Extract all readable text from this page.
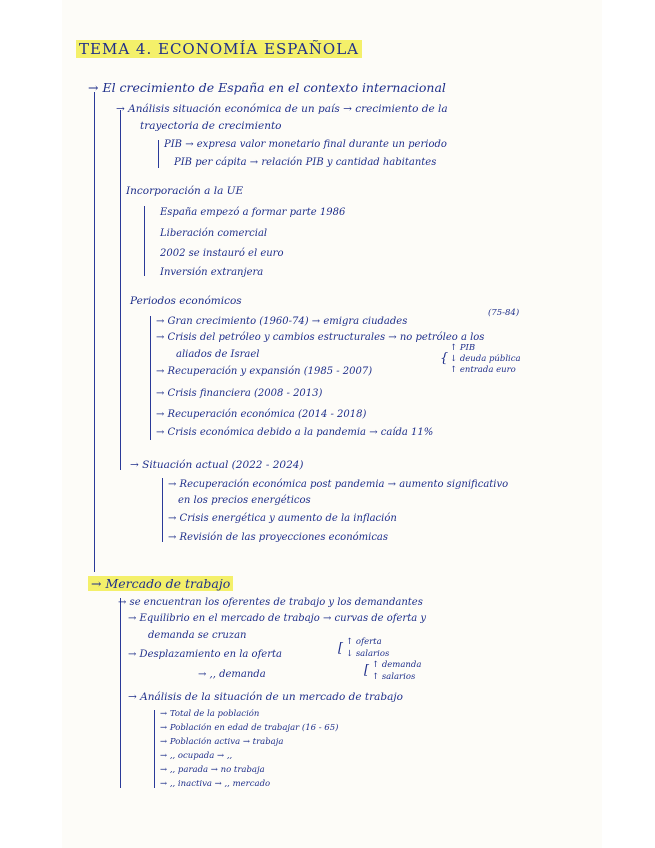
TEMA 4. ECONOMÍA ESPAÑOLA
→ El crecimiento de España en el contexto internacional
→ Análisis situación económica de un país → crecimiento de la
trayectoria de crecimiento
PIB → expresa valor monetario final durante un periodo
PIB per cápita → relación PIB y cantidad habitantes
Incorporación a la UE
España empezó a formar parte 1986
Liberación comercial
2002 se instauró el euro
Inversión extranjera
Periodos económicos
→ Gran crecimiento (1960-74) → emigra ciudades
(75-84)
→ Crisis del petróleo y cambios estructurales → no petróleo a los
aliados de Israel
→ Recuperación y expansión (1985 - 2007)
{
↑ PIB
↓ deuda pública
↑ entrada euro
→ Crisis financiera (2008 - 2013)
→ Recuperación económica (2014 - 2018)
→ Crisis económica debido a la pandemia → caída 11%
→ Situación actual (2022 - 2024)
→ Recuperación económica post pandemia → aumento significativo
en los precios energéticos
→ Crisis energética y aumento de la inflación
→ Revisión de las proyecciones económicas
→ Mercado de trabajo
→ se encuentran los oferentes de trabajo y los demandantes
→ Equilibrio en el mercado de trabajo → curvas de oferta y
demanda se cruzan
→ Desplazamiento en la oferta	[ ↑ oferta
↓ salarios
→ ,, demanda	[ ↑ demanda
↑ salarios
→ Análisis de la situación de un mercado de trabajo
→ Total de la población
→ Población en edad de trabajar (16 - 65)
→ Población activa → trabaja
→ ,, ocupada → ,,
→ ,, parada → no trabaja
→ ,, inactiva → ,, mercado
